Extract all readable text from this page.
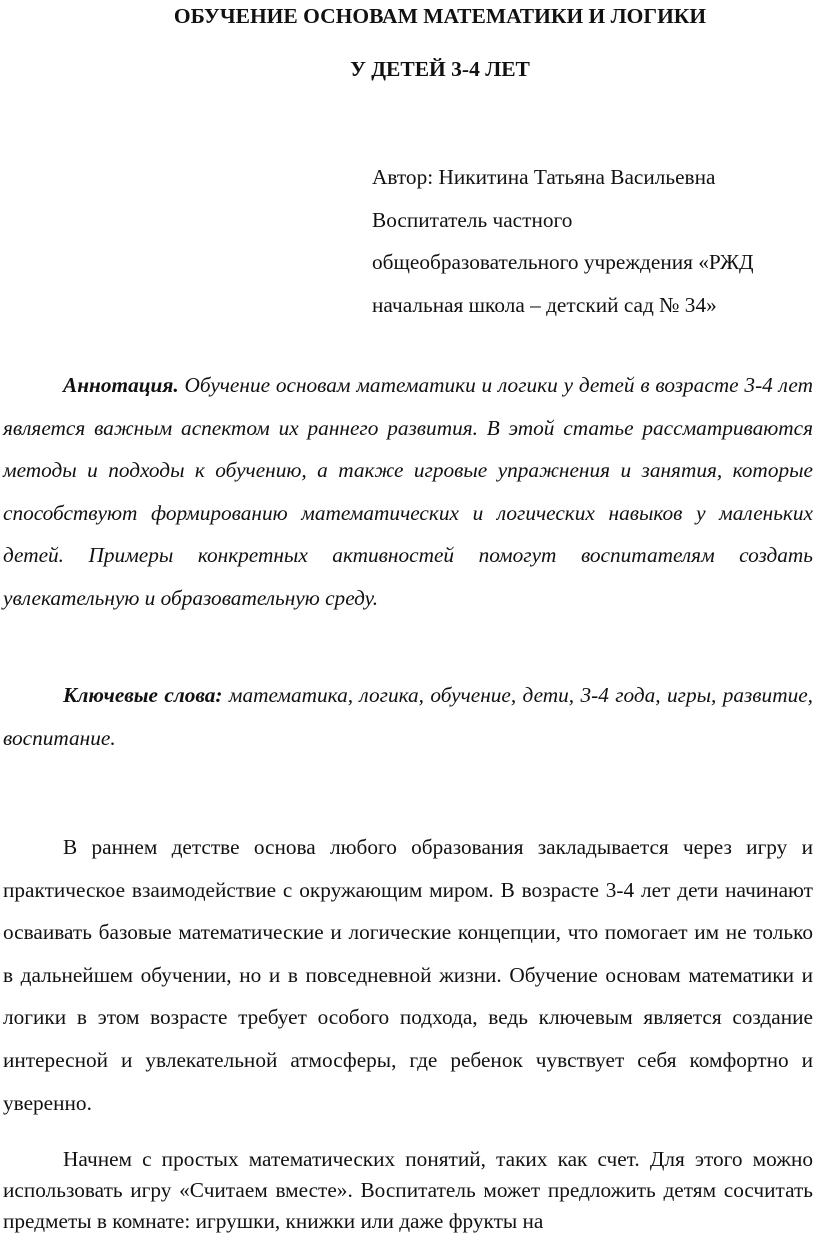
ОБУЧЕНИЕ ОСНОВАМ МАТЕМАТИКИ И ЛОГИКИ
У ДЕТЕЙ 3-4 ЛЕТ
Автор: Никитина Татьяна Васильевна
Воспитатель частного
общеобразовательного учреждения «РЖД
начальная школа – детский сад № 34»

Аннотация. Обучение основам математики и логики у детей в возрасте 3-4 лет является важным аспектом их раннего развития. В этой статье рассматриваются методы и подходы к обучению, а также игровые упражнения и занятия, которые способствуют формированию математических и логических навыков у маленьких детей. Примеры конкретных активностей помогут воспитателям создать увлекательную и образовательную среду.

Ключевые слова: математика, логика, обучение, дети, 3-4 года, игры, развитие, воспитание.

В раннем детстве основа любого образования закладывается через игру и практическое взаимодействие с окружающим миром. В возрасте 3-4 лет дети начинают осваивать базовые математические и логические концепции, что помогает им не только в дальнейшем обучении, но и в повседневной жизни. Обучение основам математики и логики в этом возрасте требует особого подхода, ведь ключевым является создание интересной и увлекательной атмосферы, где ребенок чувствует себя комфортно и уверенно.

Начнем с простых математических понятий, таких как счет. Для этого можно использовать игру «Считаем вместе». Воспитатель может предложить детям сосчитать предметы в комнате: игрушки, книжки или даже фрукты на
